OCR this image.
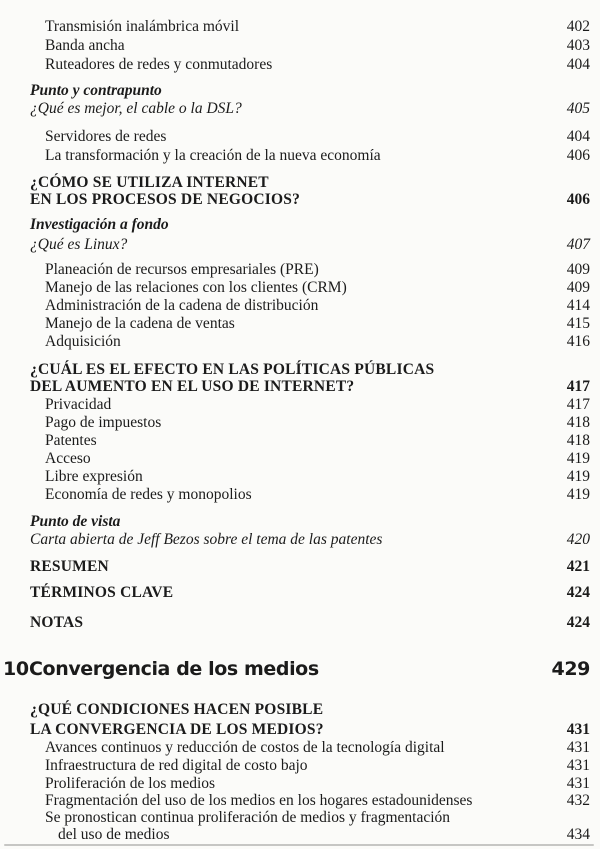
Transmisión inalámbrica móvil	402
Banda ancha	403
Ruteadores de redes y conmutadores	404
Punto y contrapunto
¿Qué es mejor, el cable o la DSL?	405
Servidores de redes	404
La transformación y la creación de la nueva economía	406
¿CÓMO SE UTILIZA INTERNET
EN LOS PROCESOS DE NEGOCIOS?	406
Investigación a fondo
¿Qué es Linux?	407
Planeación de recursos empresariales (PRE)	409
Manejo de las relaciones con los clientes (CRM)	409
Administración de la cadena de distribución	414
Manejo de la cadena de ventas	415
Adquisición	416
¿CUÁL ES EL EFECTO EN LAS POLÍTICAS PÚBLICAS
DEL AUMENTO EN EL USO DE INTERNET?	417
Privacidad	417
Pago de impuestos	418
Patentes	418
Acceso	419
Libre expresión	419
Economía de redes y monopolios	419
Punto de vista
Carta abierta de Jeff Bezos sobre el tema de las patentes	420
RESUMEN	421
TÉRMINOS CLAVE	424
NOTAS	424
10 Convergencia de los medios	429
¿QUÉ CONDICIONES HACEN POSIBLE
LA CONVERGENCIA DE LOS MEDIOS?	431
Avances continuos y reducción de costos de la tecnología digital	431
Infraestructura de red digital de costo bajo	431
Proliferación de los medios	431
Fragmentación del uso de los medios en los hogares estadounidenses	432
Se pronostican continua proliferación de medios y fragmentación
del uso de medios	434
